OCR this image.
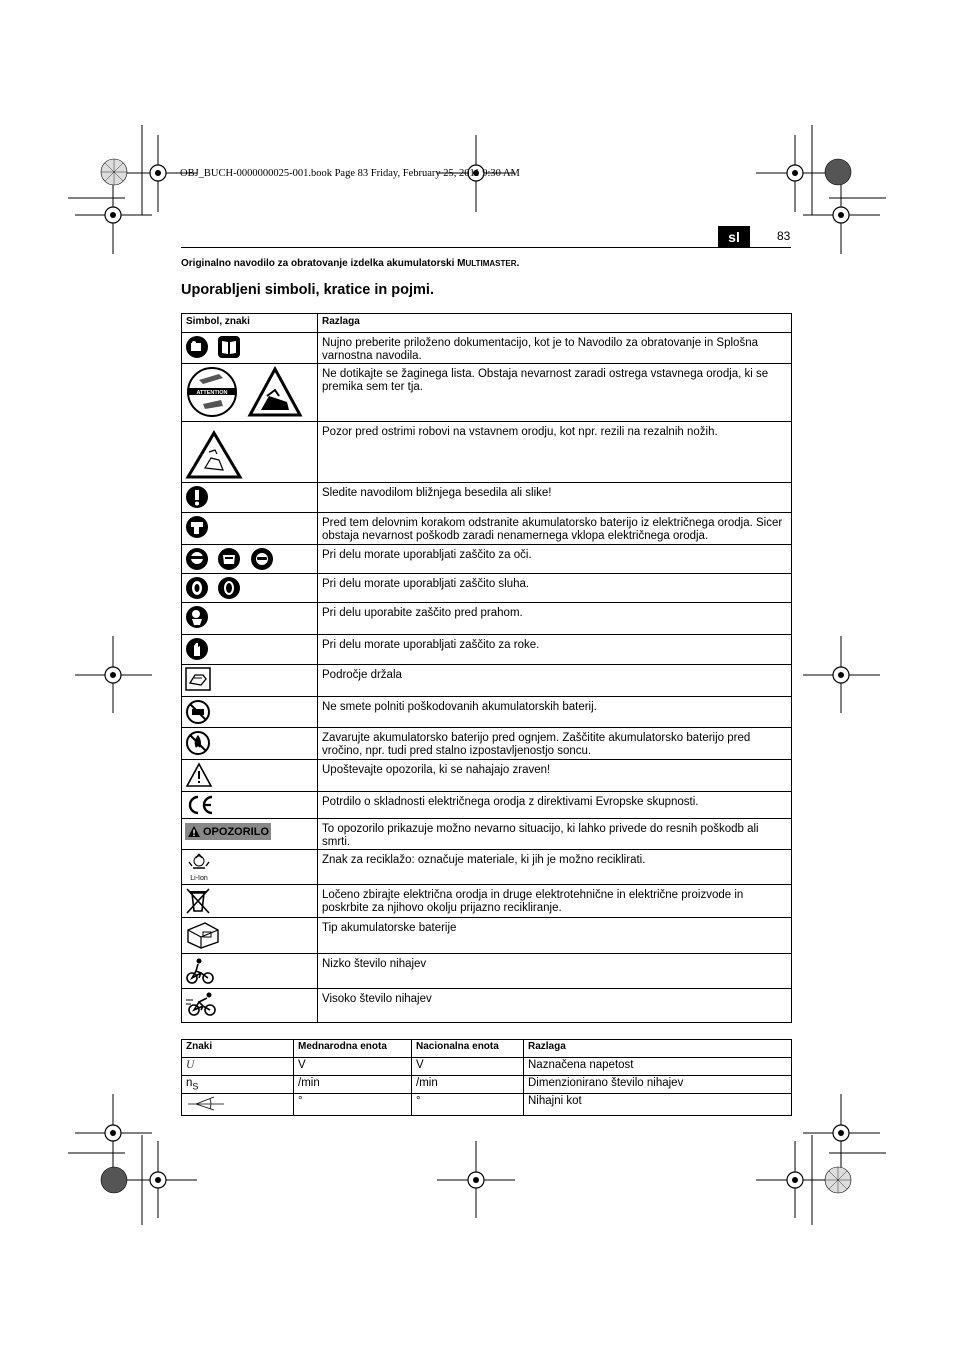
OBJ_BUCH-0000000025-001.book Page 83 Friday, February 25, 2011 9:30 AM
sl	83
Originalno navodilo za obratovanje izdelka akumulatorski MULTIMASTER.
Uporabljeni simboli, kratice in pojmi.
Simbol, znaki	Razlaga
	Nujno preberite priloženo dokumentacijo, kot je to Navodilo za obratovanje in Splošna varnostna navodila.

ATTENTION	Ne dotikajte se žaginega lista. Obstaja nevarnost zaradi ostrega vstavnega orodja, ki se premika sem ter tja.
	Pozor pred ostrimi robovi na vstavnem orodju, kot npr. rezili na rezalnih nožih.
	Sledite navodilom bližnjega besedila ali slike!
	Pred tem delovnim korakom odstranite akumulatorsko baterijo iz električnega orodja. Sicer obstaja nevarnost poškodb zaradi nenamernega vklopa električnega orodja.
	Pri delu morate uporabljati zaščito za oči.
	Pri delu morate uporabljati zaščito sluha.
	Pri delu uporabite zaščito pred prahom.
	Pri delu morate uporabljati zaščito za roke.
	Področje držala
	Ne smete polniti poškodovanih akumulatorskih baterij.
	Zavarujte akumulatorsko baterijo pred ognjem. Zaščitite akumulatorsko baterijo pred vročino, npr. tudi pred stalno izpostavljenostjo soncu.
	Upoštevajte opozorila, ki se nahajajo zraven!
	Potrdilo o skladnosti električnega orodja z direktivami Evropske skupnosti.

OPOZORILO	To opozorilo prikazuje možno nevarno situacijo, ki lahko privede do resnih poškodb ali smrti.

Li-Ion	Znak za reciklažo: označuje materiale, ki jih je možno reciklirati.
	Ločeno zbirajte električna orodja in druge elektrotehnične in električne proizvode in poskrbite za njihovo okolju prijazno recikliranje.
	Tip akumulatorske baterije
	Nizko število nihajev
	Visoko število nihajev
Znaki	Mednarodna enota	Nacionalna enota	Razlaga
U	V	V	Naznačena napetost
$n_S$	/min	/min	Dimenzionirano število nihajev
	°	°	Nihajni kot
